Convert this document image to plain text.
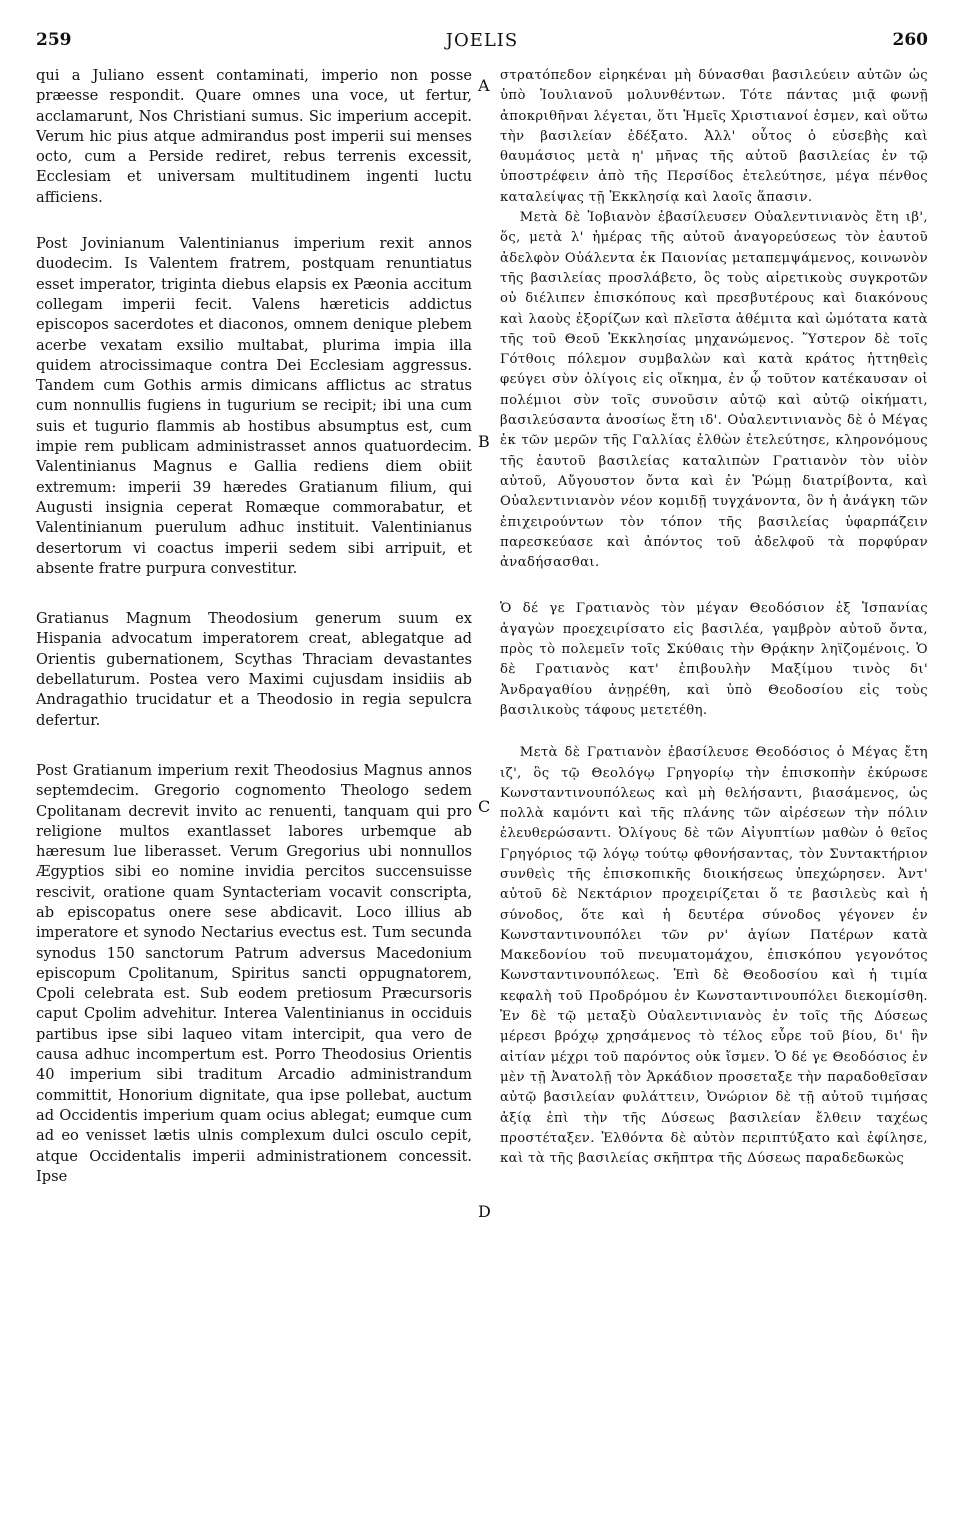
259	JOELIS	260

qui a Juliano essent contaminati, imperio non posse præesse respondit. Quare omnes una voce, ut fertur, acclamarunt, Nos Christiani sumus. Sic imperium accepit. Verum hic pius atque admirandus post imperii sui menses octo, cum a Perside rediret, rebus terrenis excessit, Ecclesiam et universam multitudinem ingenti luctu afficiens.

Post Jovinianum Valentinianus imperium rexit annos duodecim. Is Valentem fratrem, postquam renuntiatus esset imperator, triginta diebus elapsis ex Pæonia accitum collegam imperii fecit. Valens hæreticis addictus episcopos sacerdotes et diaconos, omnem denique plebem acerbe vexatam exsilio multabat, plurima impia illa quidem atrocissimaque contra Dei Ecclesiam aggressus. Tandem cum Gothis armis dimicans afflictus ac stratus cum nonnullis fugiens in tugurium se recipit; ibi una cum suis et tugurio flammis ab hostibus absumptus est, cum impie rem publicam administrasset annos quatuordecim. Valentinianus Magnus e Gallia rediens diem obiit extremum: imperii 39 hæredes Gratianum filium, qui Augusti insignia ceperat Romæque commorabatur, et Valentinianum puerulum adhuc instituit. Valentinianus desertorum vi coactus imperii sedem sibi arripuit, et absente fratre purpura convestitur.

Gratianus Magnum Theodosium generum suum ex Hispania advocatum imperatorem creat, ablegatque ad Orientis gubernationem, Scythas Thraciam devastantes debellaturum. Postea vero Maximi cujusdam insidiis ab Andragathio trucidatur et a Theodosio in regia sepulcra defertur.

Post Gratianum imperium rexit Theodosius Magnus annos septemdecim. Gregorio cognomento Theologo sedem Cpolitanam decrevit invito ac renuenti, tanquam qui pro religione multos exantlasset labores urbemque ab hæresum lue liberasset. Verum Gregorius ubi nonnullos Ægyptios sibi eo nomine invidia percitos succensuisse rescivit, oratione quam Syntacteriam vocavit conscripta, ab episcopatus onere sese abdicavit. Loco illius ab imperatore et synodo Nectarius evectus est. Tum secunda synodus 150 sanctorum Patrum adversus Macedonium episcopum Cpolitanum, Spiritus sancti oppugnatorem, Cpoli celebrata est. Sub eodem pretiosum Præcursoris caput Cpolim advehitur. Interea Valentinianus in occiduis partibus ipse sibi laqueo vitam intercipit, qua vero de causa adhuc incompertum est. Porro Theodosius Orientis 40 imperium sibi traditum Arcadio administrandum committit, Honorium dignitate, qua ipse pollebat, auctum ad Occidentis imperium quam ocius ablegat; eumque cum ad eo venisset lætis ulnis complexum dulci osculo cepit, atque Occidentalis imperii administrationem concessit. Ipse

στρατόπεδον εἰρηκέναι μὴ δύνασθαι βασιλεύειν αὐτῶν ὡς ὑπὸ Ἰουλιανοῦ μολυνθέντων. Τότε πάντας μιᾷ φωνῇ ἀποκριθῆναι λέγεται, ὅτι Ἡμεῖς Χριστιανοί ἐσμεν, καὶ οὕτω τὴν βασιλείαν ἐδέξατο. Ἀλλ' οὗτος ὁ εὐσεβὴς καὶ θαυμάσιος μετὰ η' μῆνας τῆς αὐτοῦ βασιλείας ἐν τῷ ὑποστρέφειν ἀπὸ τῆς Περσίδος ἐτελεύτησε, μέγα πένθος καταλείψας τῇ Ἐκκλησίᾳ καὶ λαοῖς ἅπασιν.

Μετὰ δὲ Ἰοβιανὸν ἐβασίλευσεν Οὐαλεντινιανὸς ἔτη ιβ', ὅς, μετὰ λ' ἡμέρας τῆς αὐτοῦ ἀναγορεύσεως τὸν ἑαυτοῦ ἀδελφὸν Οὐάλεντα ἐκ Παιονίας μεταπεμψάμενος, κοινωνὸν τῆς βασιλείας προσλάβετο, ὃς τοὺς αἱρετικοὺς συγκροτῶν οὐ διέλιπεν ἐπισκόπους καὶ πρεσβυτέρους καὶ διακόνους καὶ λαοὺς ἐξορίζων καὶ πλεῖστα ἀθέμιτα καὶ ὠμότατα κατὰ τῆς τοῦ Θεοῦ Ἐκκλησίας μηχανώμενος. Ὕστερον δὲ τοῖς Γότθοις πόλεμον συμβαλὼν καὶ κατὰ κράτος ἡττηθεὶς φεύγει σὺν ὀλίγοις εἰς οἴκημα, ἐν ᾧ τοῦτον κατέκαυσαν οἱ πολέμιοι σὺν τοῖς συνοῦσιν αὐτῷ καὶ αὐτῷ οἰκήματι, βασιλεύσαντα ἀνοσίως ἔτη ιδ'. Οὐαλεντινιανὸς δὲ ὁ Μέγας ἐκ τῶν μερῶν τῆς Γαλλίας ἐλθὼν ἐτελεύτησε, κληρονόμους τῆς ἑαυτοῦ βασιλείας καταλιπὼν Γρατιανὸν τὸν υἱὸν αὐτοῦ, Αὔγουστον ὄντα καὶ ἐν Ῥώμῃ διατρίβοντα, καὶ Οὐαλεντινιανὸν νέον κομιδῇ τυγχάνοντα, ὃν ἡ ἀνάγκη τῶν ἐπιχειρούντων τὸν τόπον τῆς βασιλείας ὑφαρπάζειν παρεσκεύασε καὶ ἀπόντος τοῦ ἀδελφοῦ τὰ πορφύραν ἀναδήσασθαι.

Ὁ δέ γε Γρατιανὸς τὸν μέγαν Θεοδόσιον ἐξ Ἱσπανίας ἀγαγὼν προεχειρίσατο εἰς βασιλέα, γαμβρὸν αὐτοῦ ὄντα, πρὸς τὸ πολεμεῖν τοῖς Σκύθαις τὴν Θρᾴκην ληϊζομένοις. Ὁ δὲ Γρατιανὸς κατ' ἐπιβουλὴν Μαξίμου τινὸς δι' Ἀνδραγαθίου ἀνῃρέθη, καὶ ὑπὸ Θεοδοσίου εἰς τοὺς βασιλικοὺς τάφους μετετέθη.

Μετὰ δὲ Γρατιανὸν ἐβασίλευσε Θεοδόσιος ὁ Μέγας ἔτη ιζ', ὃς τῷ Θεολόγῳ Γρηγορίῳ τὴν ἐπισκοπὴν ἐκύρωσε Κωνσταντινουπόλεως καὶ μὴ θελήσαντι, βιασάμενος, ὡς πολλὰ καμόντι καὶ τῆς πλάνης τῶν αἱρέσεων τὴν πόλιν ἐλευθερώσαντι. Ὀλίγους δὲ τῶν Αἰγυπτίων μαθὼν ὁ θεῖος Γρηγόριος τῷ λόγῳ τούτῳ φθονήσαντας, τὸν Συντακτήριον συνθεὶς τῆς ἐπισκοπικῆς διοικήσεως ὑπεχώρησεν. Ἀντ' αὐτοῦ δὲ Νεκτάριον προχειρίζεται ὅ τε βασιλεὺς καὶ ἡ σύνοδος, ὅτε καὶ ἡ δευτέρα σύνοδος γέγονεν ἐν Κωνσταντινουπόλει τῶν ρν' ἁγίων Πατέρων κατὰ Μακεδονίου τοῦ πνευματομάχου, ἐπισκόπου γεγονότος Κωνσταντινουπόλεως. Ἐπὶ δὲ Θεοδοσίου καὶ ἡ τιμία κεφαλὴ τοῦ Προδρόμου ἐν Κωνσταντινουπόλει διεκομίσθη. Ἐν δὲ τῷ μεταξὺ Οὐαλεντινιανὸς ἐν τοῖς τῆς Δύσεως μέρεσι βρόχῳ χρησάμενος τὸ τέλος εὗρε τοῦ βίου, δι' ἣν αἰτίαν μέχρι τοῦ παρόντος οὐκ ἴσμεν. Ὁ δέ γε Θεοδόσιος ἐν μὲν τῇ Ἀνατολῇ τὸν Ἀρκάδιον προσεταξε τὴν παραδοθεῖσαν αὐτῷ βασιλείαν φυλάττειν, Ὀνώριον δὲ τῇ αὐτοῦ τιμήσας ἀξίᾳ ἐπὶ τὴν τῆς Δύσεως βασιλείαν ἔλθειν ταχέως προστέταξεν. Ἐλθόντα δὲ αὐτὸν περιπτύξατο καὶ ἐφίλησε, καὶ τὰ τῆς βασιλείας σκῆπτρα τῆς Δύσεως παραδεδωκὼς

A
B
C
D
